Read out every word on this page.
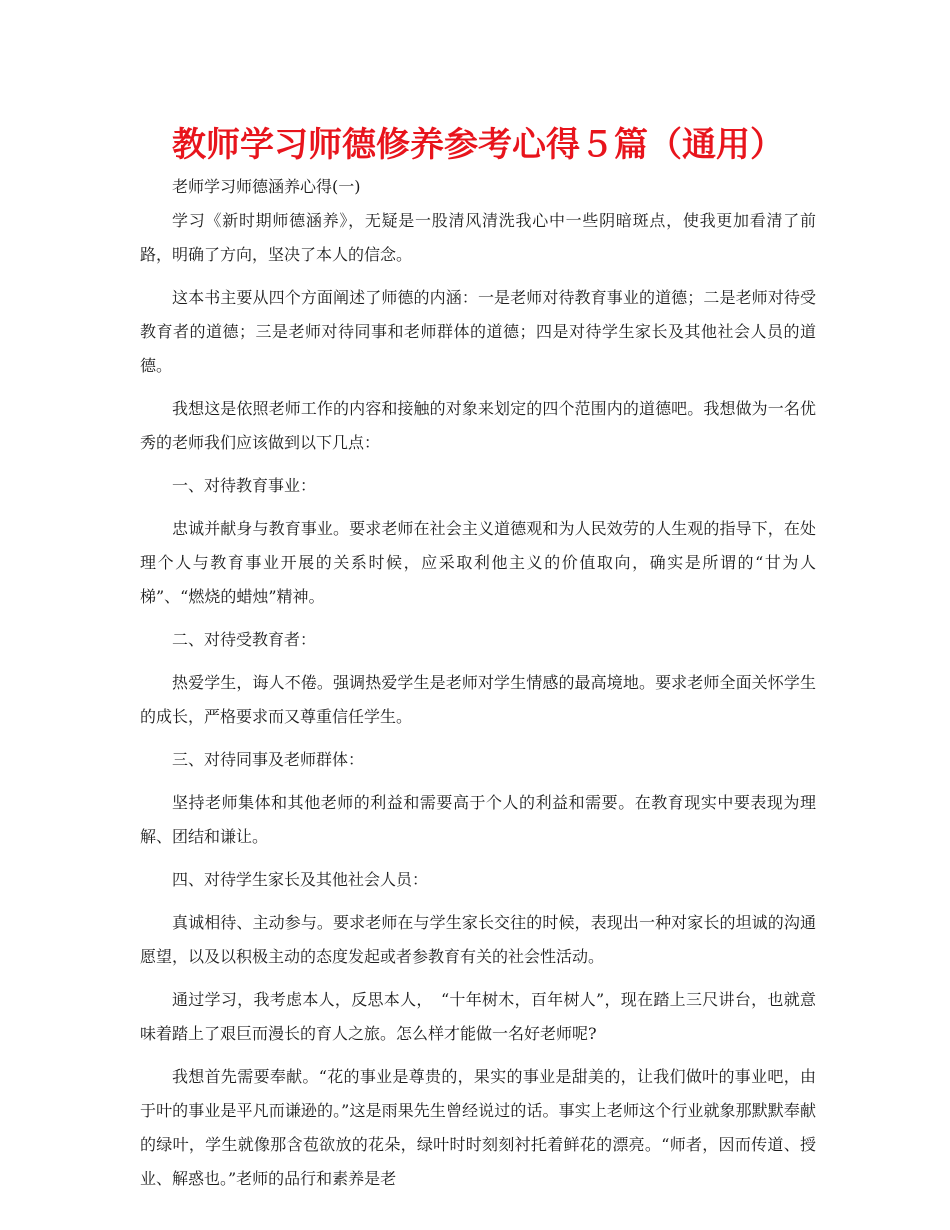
教师学习师德修养参考心得５篇（通用）

老师学习师德涵养心得(一)

学习《新时期师德涵养》，无疑是一股清风清洗我心中一些阴暗斑点，使我更加看清了前路，明确了方向，坚决了本人的信念。

这本书主要从四个方面阐述了师德的内涵：一是老师对待教育事业的道德；二是老师对待受教育者的道德；三是老师对待同事和老师群体的道德；四是对待学生家长及其他社会人员的道德。

我想这是依照老师工作的内容和接触的对象来划定的四个范围内的道德吧。我想做为一名优秀的老师我们应该做到以下几点：

一、对待教育事业：

忠诚并献身与教育事业。要求老师在社会主义道德观和为人民效劳的人生观的指导下，在处理个人与教育事业开展的关系时候，应采取利他主义的价值取向，确实是所谓的“甘为人梯”、“燃烧的蜡烛”精神。

二、对待受教育者：

热爱学生，诲人不倦。强调热爱学生是老师对学生情感的最高境地。要求老师全面关怀学生的成长，严格要求而又尊重信任学生。

三、对待同事及老师群体：

坚持老师集体和其他老师的利益和需要高于个人的利益和需要。在教育现实中要表现为理解、团结和谦让。

四、对待学生家长及其他社会人员：

真诚相待、主动参与。要求老师在与学生家长交往的时候，表现出一种对家长的坦诚的沟通愿望，以及以积极主动的态度发起或者参教育有关的社会性活动。

通过学习，我考虑本人，反思本人，　“十年树木，百年树人”，现在踏上三尺讲台，也就意味着踏上了艰巨而漫长的育人之旅。怎么样才能做一名好老师呢?

我想首先需要奉献。“花的事业是尊贵的，果实的事业是甜美的，让我们做叶的事业吧，由于叶的事业是平凡而谦逊的。”这是雨果先生曾经说过的话。事实上老师这个行业就象那默默奉献的绿叶，学生就像那含苞欲放的花朵，绿叶时时刻刻衬托着鲜花的漂亮。“师者，因而传道、授业、解惑也。”老师的品行和素养是老
